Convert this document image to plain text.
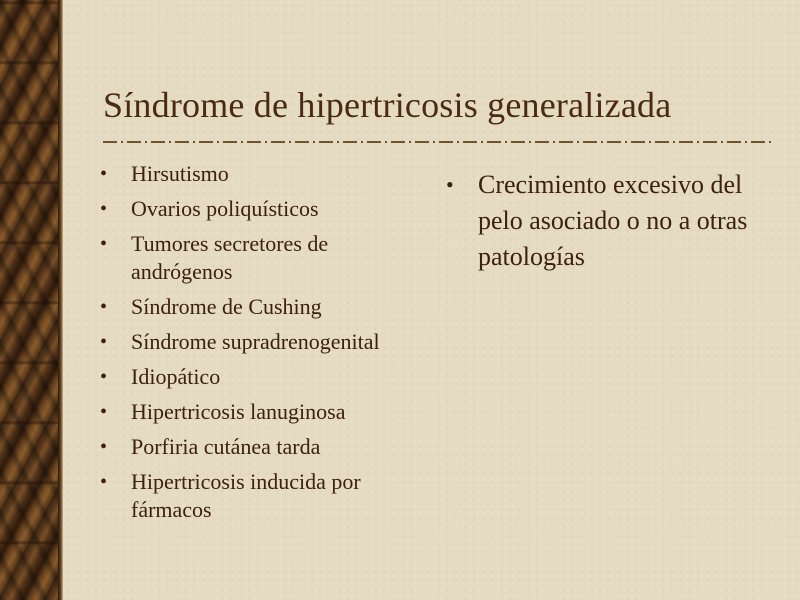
Síndrome de hipertricosis generalizada
•	Hirsutismo
•	Ovarios poliquísticos
•	Tumores secretores de andrógenos
•	Síndrome de Cushing
•	Síndrome supradrenogenital
•	Idiopático
•	Hipertricosis lanuginosa
•	Porfiria cutánea tarda
•	Hipertricosis inducida por fármacos
• Crecimiento excesivo del pelo asociado o no a otras patologías
